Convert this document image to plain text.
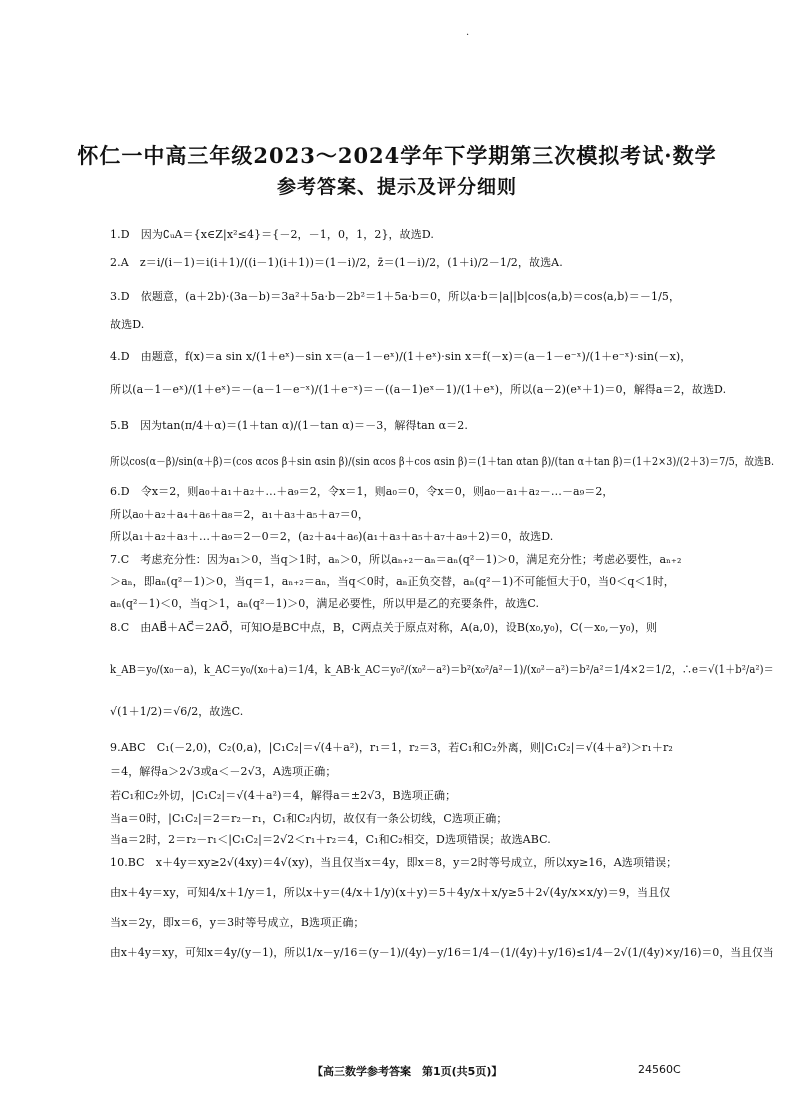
·
怀仁一中高三年级2023～2024学年下学期第三次模拟考试·数学
参考答案、提示及评分细则
1.D　因为∁ᵤA＝{x∈Z|x²≤4}＝{－2，－1，0，1，2}，故选D.
2.A　z＝i/(i－1)＝i(i＋1)/((i－1)(i＋1))＝(1－i)/2，z̄＝(1－i)/2，(1＋i)/2－1/2，故选A.
3.D　依题意，(a＋2b)·(3a－b)＝3a²＋5a·b－2b²＝1＋5a·b＝0，所以a·b＝|a||b|cos⟨a,b⟩＝cos⟨a,b⟩＝－1/5，
故选D.
4.D　由题意，f(x)＝a sin x/(1＋eˣ)－sin x＝(a－1－eˣ)/(1＋eˣ)·sin x＝f(－x)＝(a－1－e⁻ˣ)/(1＋e⁻ˣ)·sin(－x)，
所以(a－1－eˣ)/(1＋eˣ)＝－(a－1－e⁻ˣ)/(1＋e⁻ˣ)＝－((a－1)eˣ－1)/(1＋eˣ)，所以(a－2)(eˣ＋1)＝0，解得a＝2，故选D.
5.B　因为tan(π/4＋α)＝(1＋tan α)/(1－tan α)＝－3，解得tan α＝2.
所以cos(α－β)/sin(α＋β)＝(cos αcos β＋sin αsin β)/(sin αcos β＋cos αsin β)＝(1＋tan αtan β)/(tan α＋tan β)＝(1＋2×3)/(2＋3)＝7/5，故选B.
6.D　令x＝2，则a₀＋a₁＋a₂＋…＋a₉＝2，令x＝1，则a₀＝0，令x＝0，则a₀－a₁＋a₂－…－a₉＝2，
所以a₀＋a₂＋a₄＋a₆＋a₈＝2，a₁＋a₃＋a₅＋a₇＝0，
所以a₁＋a₂＋a₃＋…＋a₉＝2－0＝2，(a₂＋a₄＋a₆)(a₁＋a₃＋a₅＋a₇＋a₉＋2)＝0，故选D.
7.C　考虑充分性：因为a₁＞0，当q＞1时，aₙ＞0，所以aₙ₊₂－aₙ＝aₙ(q²－1)＞0，满足充分性；考虑必要性，aₙ₊₂
＞aₙ，即aₙ(q²－1)＞0，当q＝1，aₙ₊₂＝aₙ，当q＜0时，aₙ正负交替，aₙ(q²－1)不可能恒大于0，当0＜q＜1时，
aₙ(q²－1)＜0，当q＞1，aₙ(q²－1)＞0，满足必要性，所以甲是乙的充要条件，故选C.
8.C　由AB⃗＋AC⃗＝2AO⃗，可知O是BC中点，B，C两点关于原点对称，A(a,0)，设B(x₀,y₀)，C(－x₀,－y₀)，则
k_AB＝y₀/(x₀－a)，k_AC＝y₀/(x₀＋a)＝1/4，k_AB·k_AC＝y₀²/(x₀²－a²)＝b²(x₀²/a²－1)/(x₀²－a²)＝b²/a²＝1/4×2＝1/2，∴e＝√(1＋b²/a²)＝
√(1＋1/2)＝√6/2，故选C.
9.ABC　C₁(－2,0)，C₂(0,a)，|C₁C₂|＝√(4＋a²)，r₁＝1，r₂＝3，若C₁和C₂外离，则|C₁C₂|＝√(4＋a²)＞r₁＋r₂
＝4，解得a＞2√3或a＜－2√3，A选项正确；
若C₁和C₂外切，|C₁C₂|＝√(4＋a²)＝4，解得a＝±2√3，B选项正确；
当a＝0时，|C₁C₂|＝2＝r₂－r₁，C₁和C₂内切，故仅有一条公切线，C选项正确；
当a＝2时，2＝r₂－r₁＜|C₁C₂|＝2√2＜r₁＋r₂＝4，C₁和C₂相交，D选项错误；故选ABC.
10.BC　x＋4y＝xy≥2√(4xy)＝4√(xy)，当且仅当x＝4y，即x＝8，y＝2时等号成立，所以xy≥16，A选项错误；
由x＋4y＝xy，可知4/x＋1/y＝1，所以x＋y＝(4/x＋1/y)(x＋y)＝5＋4y/x＋x/y≥5＋2√(4y/x×x/y)＝9，当且仅
当x＝2y，即x＝6，y＝3时等号成立，B选项正确；
由x＋4y＝xy，可知x＝4y/(y－1)，所以1/x－y/16＝(y－1)/(4y)－y/16＝1/4－(1/(4y)＋y/16)≤1/4－2√(1/(4y)×y/16)＝0，当且仅当
【高三数学参考答案　第1页(共5页)】	24560C
